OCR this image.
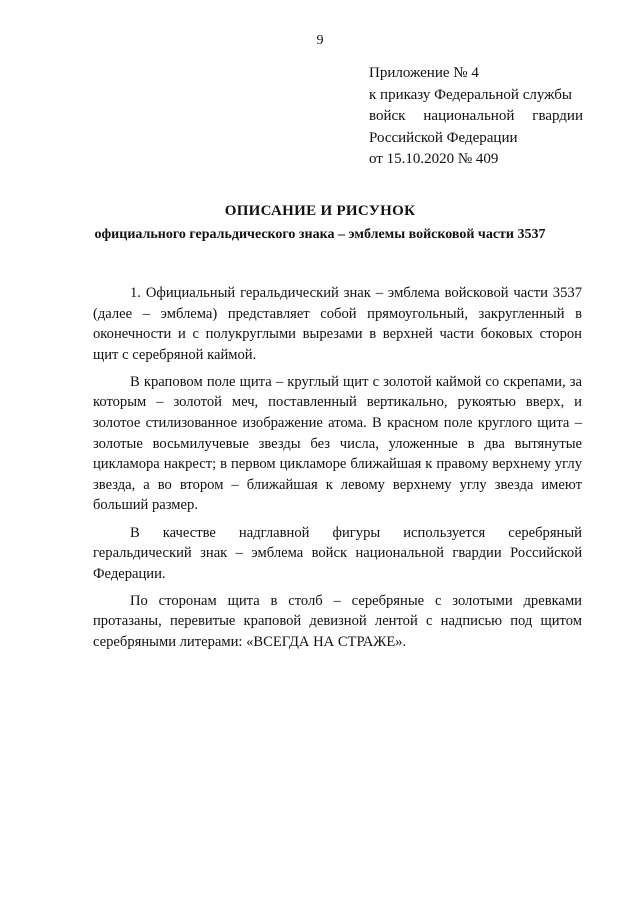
9
Приложение № 4
к приказу Федеральной службы
войск национальной гвардии
Российской Федерации
от 15.10.2020 № 409
ОПИСАНИЕ И РИСУНОК
официального геральдического знака – эмблемы войсковой части 3537

1. Официальный геральдический знак – эмблема войсковой части 3537 (далее – эмблема) представляет собой прямоугольный, закругленный в оконечности и с полукруглыми вырезами в верхней части боковых сторон щит с серебряной каймой.

В краповом поле щита – круглый щит с золотой каймой со скрепами, за которым – золотой меч, поставленный вертикально, рукоятью вверх, и золотое стилизованное изображение атома. В красном поле круглого щита – золотые восьмилучевые звезды без числа, уложенные в два вытянутые цикламора накрест; в первом цикламоре ближайшая к правому верхнему углу звезда, а во втором – ближайшая к левому верхнему углу звезда имеют больший размер.

В качестве надглавной фигуры используется серебряный геральдический знак – эмблема войск национальной гвардии Российской Федерации.

По сторонам щита в столб – серебряные с золотыми древками протазаны, перевитые краповой девизной лентой с надписью под щитом серебряными литерами: «ВСЕГДА НА СТРАЖЕ».
